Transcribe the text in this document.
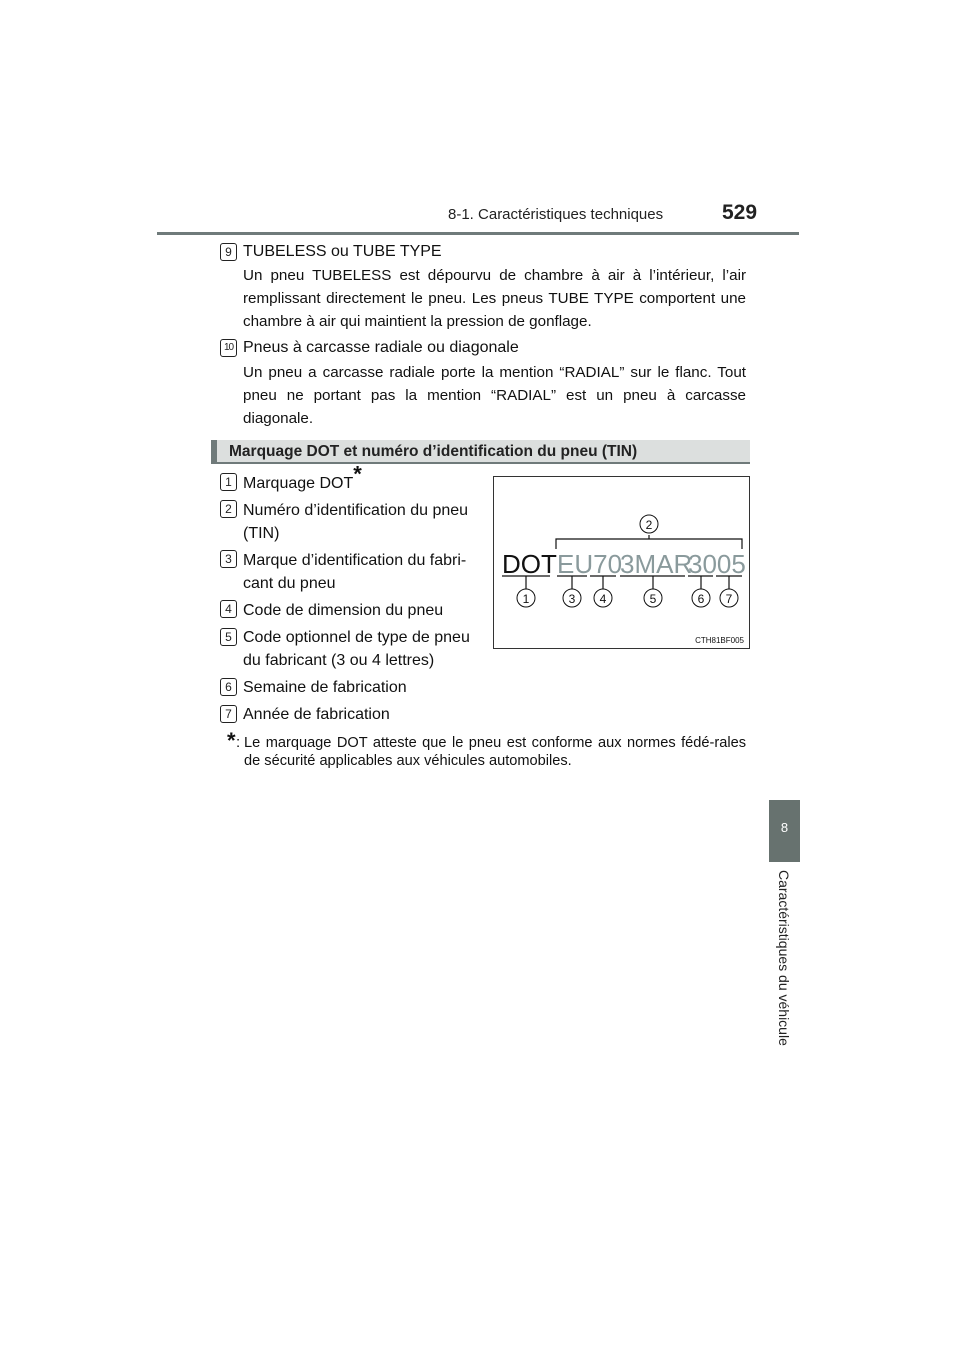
8-1. Caractéristiques techniques	529
8
Caractéristiques du véhicule
9 TUBELESS ou TUBE TYPE
Un pneu TUBELESS est dépourvu de chambre à air à l’intérieur, l’air remplissant directement le pneu. Les pneus TUBE TYPE comportent une chambre à air qui maintient la pression de gonflage.
10 Pneus à carcasse radiale ou diagonale
Un pneu a carcasse radiale porte la mention “RADIAL” sur le flanc. Tout pneu ne portant pas la mention “RADIAL” est un pneu à carcasse diagonale.
Marquage DOT et numéro d’identification du pneu (TIN)
1 Marquage DOT*
2 Numéro d’identification du pneu
(TIN)
3 Marque d’identification du fabri-
cant du pneu
4 Code de dimension du pneu
5 Code optionnel de type de pneu
du fabricant (3 ou 4 lettres)
6 Semaine de fabrication
7 Année de fabrication
2
DOT EU70
3MAR
3005
1	3 4	5	6 7
CTH81BF005
* : Le marquage DOT atteste que le pneu est conforme aux normes fédé-rales de sécurité applicables aux véhicules automobiles.
